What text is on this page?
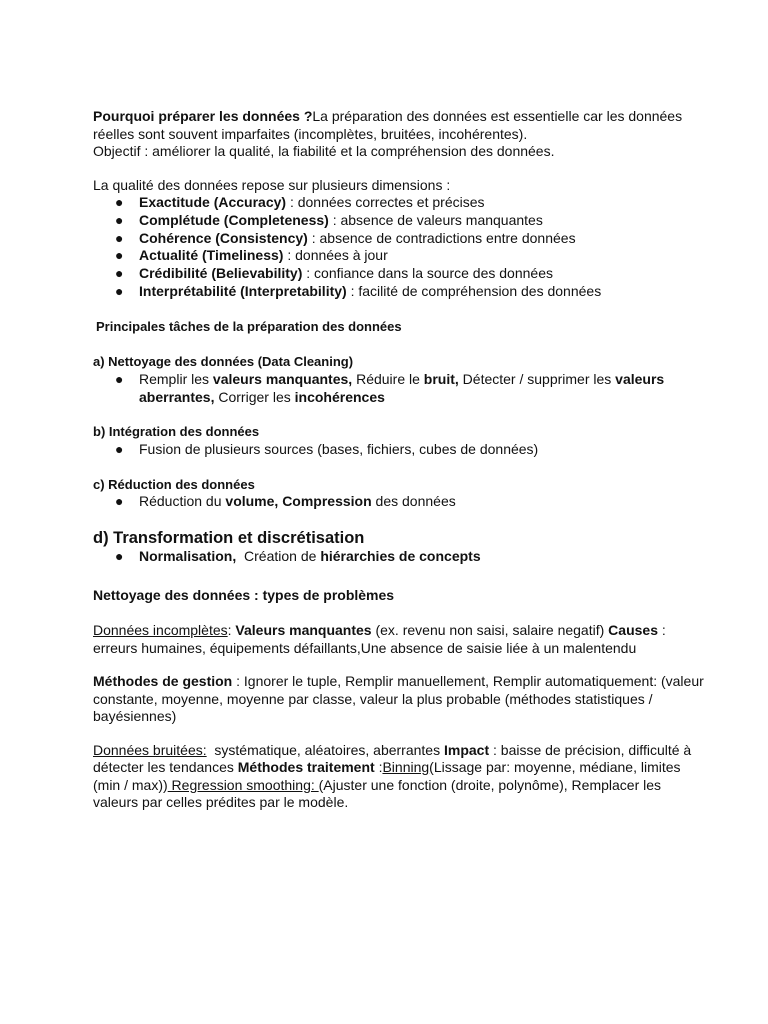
Pourquoi préparer les données ?La préparation des données est essentielle car les données réelles sont souvent imparfaites (incomplètes, bruitées, incohérentes).
Objectif : améliorer la qualité, la fiabilité et la compréhension des données.

La qualité des données repose sur plusieurs dimensions :

● Exactitude (Accuracy) : données correctes et précises
● Complétude (Completeness) : absence de valeurs manquantes
● Cohérence (Consistency) : absence de contradictions entre données
● Actualité (Timeliness) : données à jour
● Crédibilité (Believability) : confiance dans la source des données
● Interprétabilité (Interpretability) : facilité de compréhension des données

Principales tâches de la préparation des données

a) Nettoyage des données (Data Cleaning)

● Remplir les valeurs manquantes, Réduire le bruit, Détecter / supprimer les valeurs aberrantes, Corriger les incohérences

b) Intégration des données

● Fusion de plusieurs sources (bases, fichiers, cubes de données)

c) Réduction des données

● Réduction du volume, Compression des données

d) Transformation et discrétisation

● Normalisation,  Création de hiérarchies de concepts

Nettoyage des données : types de problèmes

Données incomplètes: Valeurs manquantes (ex. revenu non saisi, salaire negatif) Causes : erreurs humaines, équipements défaillants,Une absence de saisie liée à un malentendu

Méthodes de gestion : Ignorer le tuple, Remplir manuellement, Remplir automatiquement: (valeur constante, moyenne, moyenne par classe, valeur la plus probable (méthodes statistiques / bayésiennes)

Données bruitées:  systématique, aléatoires, aberrantes Impact : baisse de précision, difficulté à détecter les tendances Méthodes traitement :Binning(Lissage par: moyenne, médiane, limites (min / max)) Regression smoothing: (Ajuster une fonction (droite, polynôme), Remplacer les valeurs par celles prédites par le modèle.
